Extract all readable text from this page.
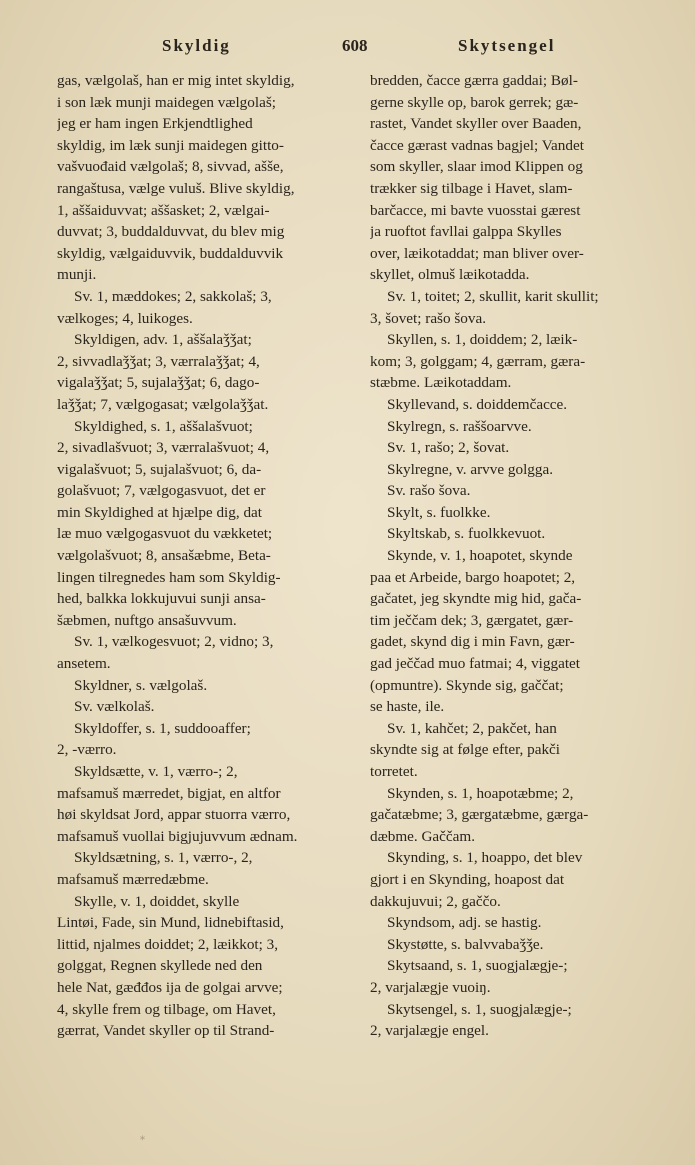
Skyldig	608	Skytsengel
gas, vælgolaš, han er mig intet skyldig,
i son læk munji maidegen vælgolaš;
jeg er ham ingen Erkjendtlighed
skyldig, im læk sunji maidegen gitto-
vašvuođaid vælgolaš; 8, sivvad, ašše,
rangaštusa, vælge vuluš. Blive skyldig,
1, aššaiduvvat; aššasket; 2, vælgai-
duvvat; 3, buddalduvvat, du blev mig
skyldig, vælgaiduvvik, buddalduvvik
munji.
Sv. 1, mæddokes; 2, sakkolaš; 3,
vælkoges; 4, luikoges.
Skyldigen, adv. 1, aššalaǯǯat;
2, sivvadlaǯǯat; 3, værralaǯǯat; 4,
vigalaǯǯat; 5, sujalaǯǯat; 6, dago-
laǯǯat; 7, vælgogasat; vælgolaǯǯat.
Skyldighed, s. 1, aššalašvuot;
2, sivadlašvuot; 3, værralašvuot; 4,
vigalašvuot; 5, sujalašvuot; 6, da-
golašvuot; 7, vælgogasvuot, det er
min Skyldighed at hjælpe dig, dat
læ muo vælgogasvuot du vækketet;
vælgolašvuot; 8, ansašæbme, Beta-
lingen tilregnedes ham som Skyldig-
hed, balkka lokkujuvui sunji ansa-
šæbmen, nuftgo ansašuvvum.
Sv. 1, vælkogesvuot; 2, vidno; 3,
ansetem.
Skyldner, s. vælgolaš.
Sv. vælkolaš.
Skyldoffer, s. 1, suddooaffer;
2, -værro.
Skyldsætte, v. 1, værro-; 2,
mafsamuš mærredet, bigjat, en altfor
høi skyldsat Jord, appar stuorra værro,
mafsamuš vuollai bigjujuvvum ædnam.
Skyldsætning, s. 1, værro-, 2,
mafsamuš mærredæbme.
Skylle, v. 1, doiddet, skylle
Lintøi, Fade, sin Mund, lidnebiftasid,
littid, njalmes doiddet; 2, læikkot; 3,
golggat, Regnen skyllede ned den
hele Nat, gæđđos ija de golgai arvve;
4, skylle frem og tilbage, om Havet,
gærrat, Vandet skyller op til Strand-
bredden, čacce gærra gaddai; Bøl-
gerne skylle op, barok gerrek; gæ-
rastet, Vandet skyller over Baaden,
čacce gærast vadnas bagjel; Vandet
som skyller, slaar imod Klippen og
trækker sig tilbage i Havet, slam-
barčacce, mi bavte vuosstai gærest
ja ruoftot favllai galppa Skylles
over, læikotaddat; man bliver over-
skyllet, olmuš læikotadda.
Sv. 1, toitet; 2, skullit, karit skullit;
3, šovet; rašo šova.
Skyllen, s. 1, doiddem; 2, læik-
kom; 3, golggam; 4, gærram, gæra-
stæbme. Læikotaddam.
Skyllevand, s. doiddemčacce.
Skylregn, s. raššoarvve.
Sv. 1, rašo; 2, šovat.
Skylregne, v. arvve golgga.
Sv. rašo šova.
Skylt, s. fuolkke.
Skyltskab, s. fuolkkevuot.
Skynde, v. 1, hoapotet, skynde
paa et Arbeide, bargo hoapotet; 2,
gačatet, jeg skyndte mig hid, gača-
tim ječčam dek; 3, gærgatet, gær-
gadet, skynd dig i min Favn, gær-
gad ječčad muo fatmai; 4, viggatet
(opmuntre). Skynde sig, gaččat;
se haste, ile.
Sv. 1, kahčet; 2, pakčet, han
skyndte sig at følge efter, pakči
torretet.
Skynden, s. 1, hoapotæbme; 2,
gačatæbme; 3, gærgatæbme, gærga-
dæbme. Gaččam.
Skynding, s. 1, hoappo, det blev
gjort i en Skynding, hoapost dat
dakkujuvui; 2, gaččo.
Skyndsom, adj. se hastig.
Skystøtte, s. balvvabaǯǯe.
Skytsaand, s. 1, suogjalægje-;
2, varjalægje vuoiŋ.
Skytsengel, s. 1, suogjalægje-;
2, varjalægje engel.
*
